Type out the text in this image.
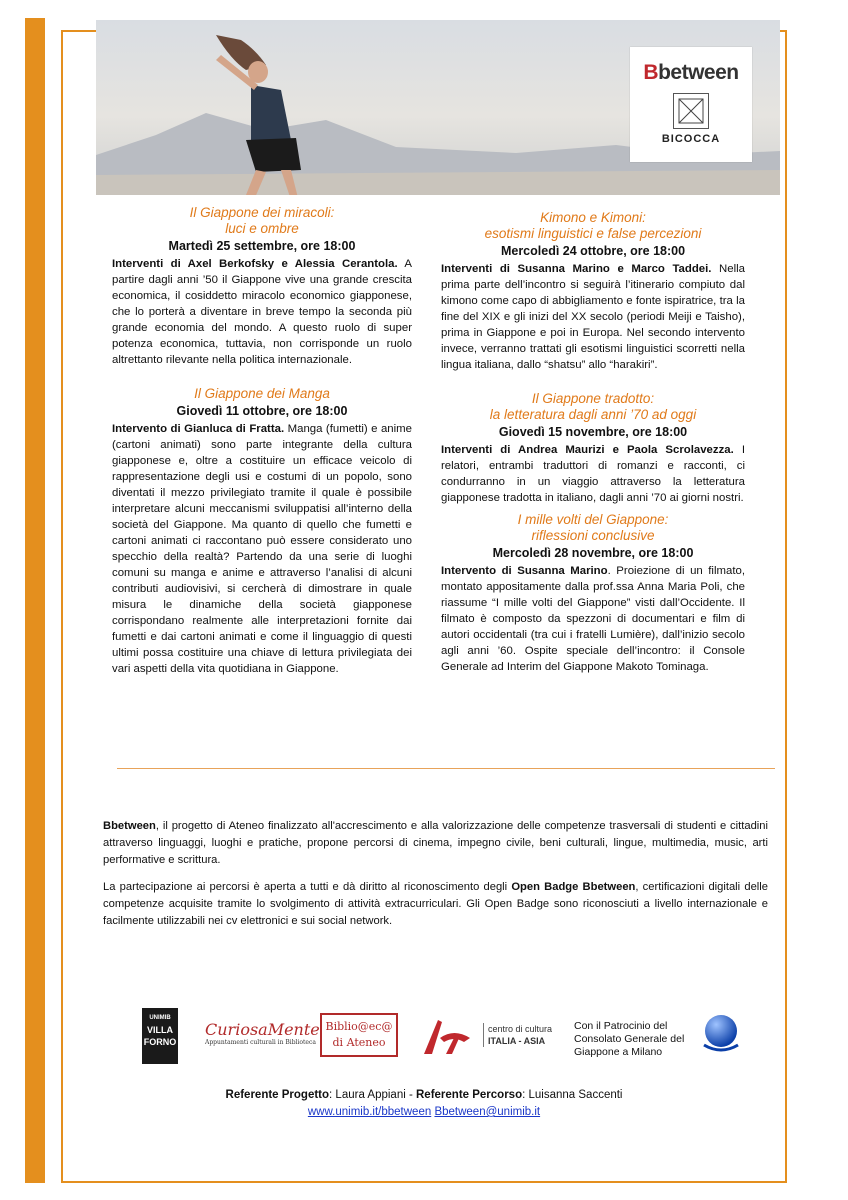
Bbetween
BICOCCA
Il Giappone dei miracoli:
luci e ombre
Martedì 25 settembre, ore 18:00
Interventi di Axel Berkofsky e Alessia Cerantola. A partire dagli anni ’50 il Giappone vive una grande crescita economica, il cosiddetto miracolo economico giapponese, che lo porterà a diventare in breve tempo la seconda più grande economia del mondo. A questo ruolo di super potenza economica, tuttavia, non corrisponde un ruolo altrettanto rilevante nella politica internazionale.
Il Giappone dei Manga
Giovedì 11 ottobre, ore 18:00
Intervento di Gianluca di Fratta. Manga (fumetti) e anime (cartoni animati) sono parte integrante della cultura giapponese e, oltre a costituire un efficace veicolo di rappresentazione degli usi e costumi di un popolo, sono diventati il mezzo privilegiato tramite il quale è possibile interpretare alcuni meccanismi sviluppatisi all’interno della società del Giappone. Ma quanto di quello che fumetti e cartoni animati ci raccontano può essere considerato uno specchio della realtà? Partendo da una serie di luoghi comuni su manga e anime e attraverso l’analisi di alcuni contributi audiovisivi, si cercherà di dimostrare in quale misura le dinamiche della società giapponese corrispondano realmente alle interpretazioni fornite dai fumetti e dai cartoni animati e come il linguaggio di questi ultimi possa costituire una chiave di lettura privilegiata dei vari aspetti della vita quotidiana in Giappone.
Kimono e Kimoni:
esotismi linguistici e false percezioni
Mercoledì 24 ottobre, ore 18:00
Interventi di Susanna Marino e Marco Taddei. Nella prima parte dell’incontro si seguirà l’itinerario compiuto dal kimono come capo di abbigliamento e fonte ispiratrice, tra la fine del XIX e gli inizi del XX secolo (periodi Meiji e Taisho), prima in Giappone e poi in Europa. Nel secondo intervento invece, verranno trattati gli esotismi linguistici scorretti nella lingua italiana, dallo “shatsu” allo “harakiri”.
Il Giappone tradotto:
la letteratura dagli anni ’70 ad oggi
Giovedì 15 novembre, ore 18:00
Interventi di Andrea Maurizi e Paola Scrolavezza. I relatori, entrambi traduttori di romanzi e racconti, ci condurranno in un viaggio attraverso la letteratura giapponese tradotta in italiano, dagli anni ’70 ai giorni nostri.
I mille volti del Giappone:
riflessioni conclusive
Mercoledì 28 novembre, ore 18:00
Intervento di Susanna Marino. Proiezione di un filmato, montato appositamente dalla prof.ssa Anna Maria Poli, che riassume “I mille volti del Giappone” visti dall’Occidente. Il filmato è composto da spezzoni di documentari e film di autori occidentali (tra cui i fratelli Lumière), dall’inizio secolo agli anni ’60. Ospite speciale dell’incontro: il Console Generale ad Interim del Giappone Makoto Tominaga.
Bbetween, il progetto di Ateneo finalizzato all'accrescimento e alla valorizzazione delle competenze trasversali di studenti e cittadini attraverso linguaggi, luoghi e pratiche, propone percorsi di cinema, impegno civile, beni culturali, lingue, multimedia, music, arti performative e scrittura.
La partecipazione ai percorsi è aperta a tutti e dà diritto al riconoscimento degli Open Badge Bbetween, certificazioni digitali delle competenze acquisite tramite lo svolgimento di attività extracurriculari. Gli Open Badge sono riconosciuti a livello internazionale e facilmente utilizzabili nei cv elettronici e sui social network.
UNIMIB
VILLA
FORNO
CuriosaMente
Appuntamenti culturali in Biblioteca
Biblio@ec@
di Ateneo
centro di cultura
ITALIA - ASIA
Con il Patrocinio del
Consolato Generale del
Giappone a Milano
Referente Progetto: Laura Appiani - Referente Percorso: Luisanna Saccenti
www.unimib.it/bbetween Bbetween@unimib.it
